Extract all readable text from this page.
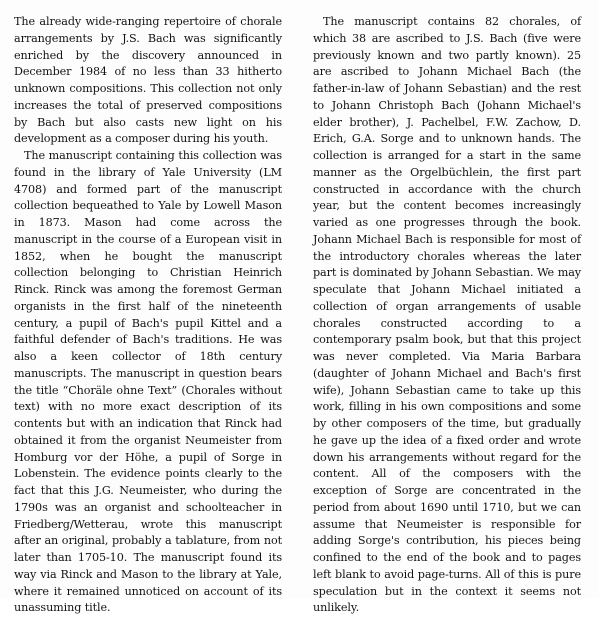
The already wide-ranging repertoire of chorale arrangements by J.S. Bach was significantly enriched by the discovery announced in December 1984 of no less than 33 hitherto unknown compositions. This collection not only increases the total of preserved compositions by Bach but also casts new light on his development as a composer during his youth.

The manuscript containing this collection was found in the library of Yale University (LM 4708) and formed part of the manuscript collection bequeathed to Yale by Lowell Mason in 1873. Mason had come across the manuscript in the course of a European visit in 1852, when he bought the manuscript collection belonging to Christian Heinrich Rinck. Rinck was among the foremost German organists in the first half of the nineteenth century, a pupil of Bach's pupil Kittel and a faithful defender of Bach's traditions. He was also a keen collector of 18th century manuscripts. The manuscript in question bears the title “Choräle ohne Text” (Chorales without text) with no more exact description of its contents but with an indication that Rinck had obtained it from the organist Neumeister from Homburg vor der Höhe, a pupil of Sorge in Lobenstein. The evidence points clearly to the fact that this J.G. Neumeister, who during the 1790s was an organist and schoolteacher in Friedberg/Wetterau, wrote this manuscript after an original, probably a tablature, from not later than 1705-10. The manuscript found its way via Rinck and Mason to the library at Yale, where it remained unnoticed on account of its unassuming title.

The manuscript contains 82 chorales, of which 38 are ascribed to J.S. Bach (five were previously known and two partly known). 25 are ascribed to Johann Michael Bach (the father-in-law of Johann Sebastian) and the rest to Johann Christoph Bach (Johann Michael's elder brother), J. Pachelbel, F.W. Zachow, D. Erich, G.A. Sorge and to unknown hands. The collection is arranged for a start in the same manner as the Orgelbüchlein, the first part constructed in accordance with the church year, but the content becomes increasingly varied as one progresses through the book. Johann Michael Bach is responsible for most of the introductory chorales whereas the later part is dominated by Johann Sebastian. We may speculate that Johann Michael initiated a collection of organ arrangements of usable chorales constructed according to a contemporary psalm book, but that this project was never completed. Via Maria Barbara (daughter of Johann Michael and Bach's first wife), Johann Sebastian came to take up this work, filling in his own compositions and some by other composers of the time, but gradually he gave up the idea of a fixed order and wrote down his arrangements without regard for the content. All of the composers with the exception of Sorge are concentrated in the period from about 1690 until 1710, but we can assume that Neumeister is responsible for adding Sorge's contribution, his pieces being confined to the end of the book and to pages left blank to avoid page-turns. All of this is pure speculation but in the context it seems not unlikely.
